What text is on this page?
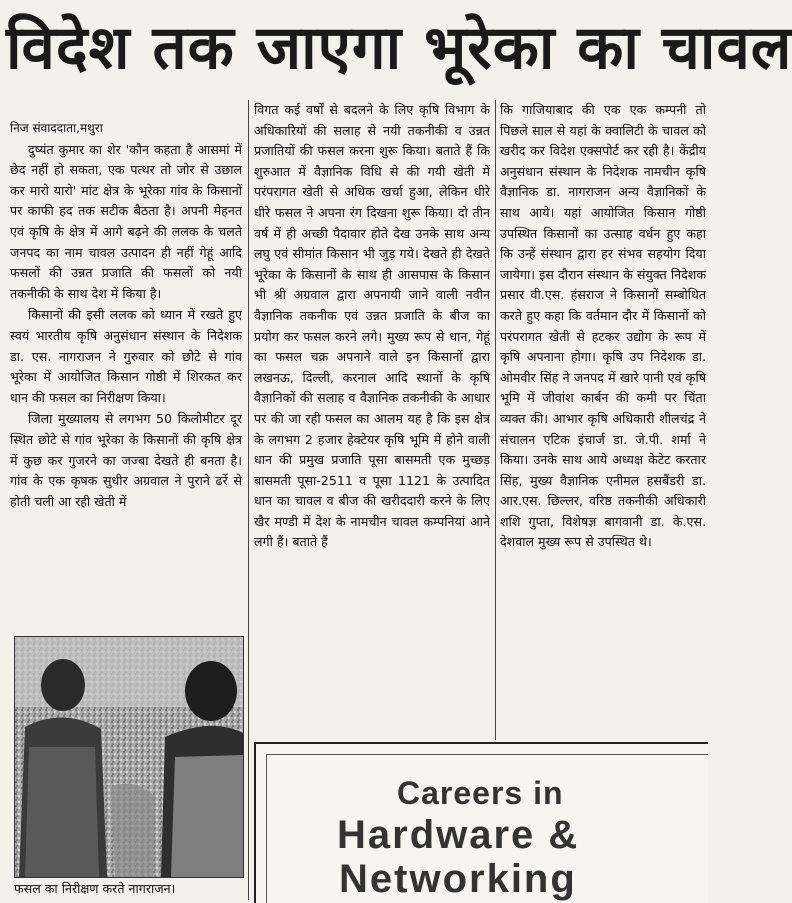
विदेश तक जाएगा भूरेका का चावल

निज संवाददाता,मथुरा

दुष्यंत कुमार का शेर 'कौन कहता है आसमां में छेद नहीं हो सकता, एक पत्थर तो जोर से उछाल कर मारो यारो' मांट क्षेत्र के भूरेका गांव के किसानों पर काफी हद तक सटीक बैठता है। अपनी मेहनत एवं कृषि के क्षेत्र में आगे बढ़ने की ललक के चलते जनपद का नाम चावल उत्पादन ही नहीं गेहूं आदि फसलों की उन्नत प्रजाति की फसलों को नयी तकनीकी के साथ देश में किया है।

किसानों की इसी ललक को ध्यान में रखते हुए स्वयं भारतीय कृषि अनुसंधान संस्थान के निदेशक डा. एस. नागराजन ने गुरुवार को छोटे से गांव भूरेका में आयोजित किसान गोष्ठी में शिरकत कर धान की फसल का निरीक्षण किया।

जिला मुख्यालय से लगभग 50 किलोमीटर दूर स्थित छोटे से गांव भूरेका के किसानों की कृषि क्षेत्र में कुछ कर गुजरने का जज्बा देखते ही बनता है। गांव के एक कृषक सुधीर अग्रवाल ने पुराने ढर्रे से होती चली आ रही खेती में

विगत कई वर्षों से बदलने के लिए कृषि विभाग के अधिकारियों की सलाह से नयी तकनीकी व उन्नत प्रजातियों की फसल करना शुरू किया। बताते हैं कि शुरुआत में वैज्ञानिक विधि से की गयी खेती में परंपरागत खेती से अधिक खर्चा हुआ, लेकिन धीरे धीरे फसल ने अपना रंग दिखना शुरू किया। दो तीन वर्ष में ही अच्छी पैदावार होते देख उनके साथ अन्य लघु एवं सीमांत किसान भी जुड़ गये। देखते ही देखते भूरेका के किसानों के साथ ही आसपास के किसान भी श्री अग्रवाल द्वारा अपनायी जाने वाली नवीन वैज्ञानिक तकनीक एवं उन्नत प्रजाति के बीज का प्रयोग कर फसल करने लगे। मुख्य रूप से धान, गेहूं का फसल चक्र अपनाने वाले इन किसानों द्वारा लखनऊ, दिल्ली, करनाल आदि स्थानों के कृषि वैज्ञानिकों की सलाह व वैज्ञानिक तकनीकी के आधार पर की जा रही फसल का आलम यह है कि इस क्षेत्र के लगभग 2 हजार हेक्टेयर कृषि भूमि में होने वाली धान की प्रमुख प्रजाति पूसा बासमती एक मुच्छड़ बासमती पूसा-2511 व पूसा 1121 के उत्पादित धान का चावल व बीज की खरीददारी करने के लिए खैर मण्डी में देश के नामचीन चावल कम्पनियां आने लगी हैं। बताते हैं

कि गाजियाबाद की एक एक कम्पनी तो पिछले साल से यहां के क्वालिटी के चावल को खरीद कर विदेश एक्सपोर्ट कर रही है। केंद्रीय अनुसंधान संस्थान के निदेशक नामचीन कृषि वैज्ञानिक डा. नागराजन अन्य वैज्ञानिकों के साथ आये। यहां आयोजित किसान गोष्ठी उपस्थित किसानों का उत्साह वर्धन हुए कहा कि उन्हें संस्थान द्वारा हर संभव सहयोग दिया जायेगा। इस दौरान संस्थान के संयुक्त निदेशक प्रसार वी.एस. हंसराज ने किसानों सम्बोधित करते हुए कहा कि वर्तमान दौर में किसानों को परंपरागत खेती से हटकर उद्योग के रूप में कृषि अपनाना होगा। कृषि उप निदेशक डा. ओमवीर सिंह ने जनपद में खारे पानी एवं कृषि भूमि में जीवांश कार्बन की कमी पर चिंता व्यक्त की। आभार कृषि अधिकारी शीलचंद्र ने संचालन एटिक इंचार्ज डा. जे.पी. शर्मा ने किया। उनके साथ आये अध्यक्ष केटेट करतार सिंह, मुख्य वैज्ञानिक एनीमल हसबैंडरी डा. आर.एस. छिल्लर, वरिष्ठ तकनीकी अधिकारी शशि गुप्ता, विशेषज्ञ बागवानी डा. के.एस. देशवाल मुख्य रूप से उपस्थित थे।

फसल का निरीक्षण करते नागराजन।
Careers in
Hardware &
Networking
